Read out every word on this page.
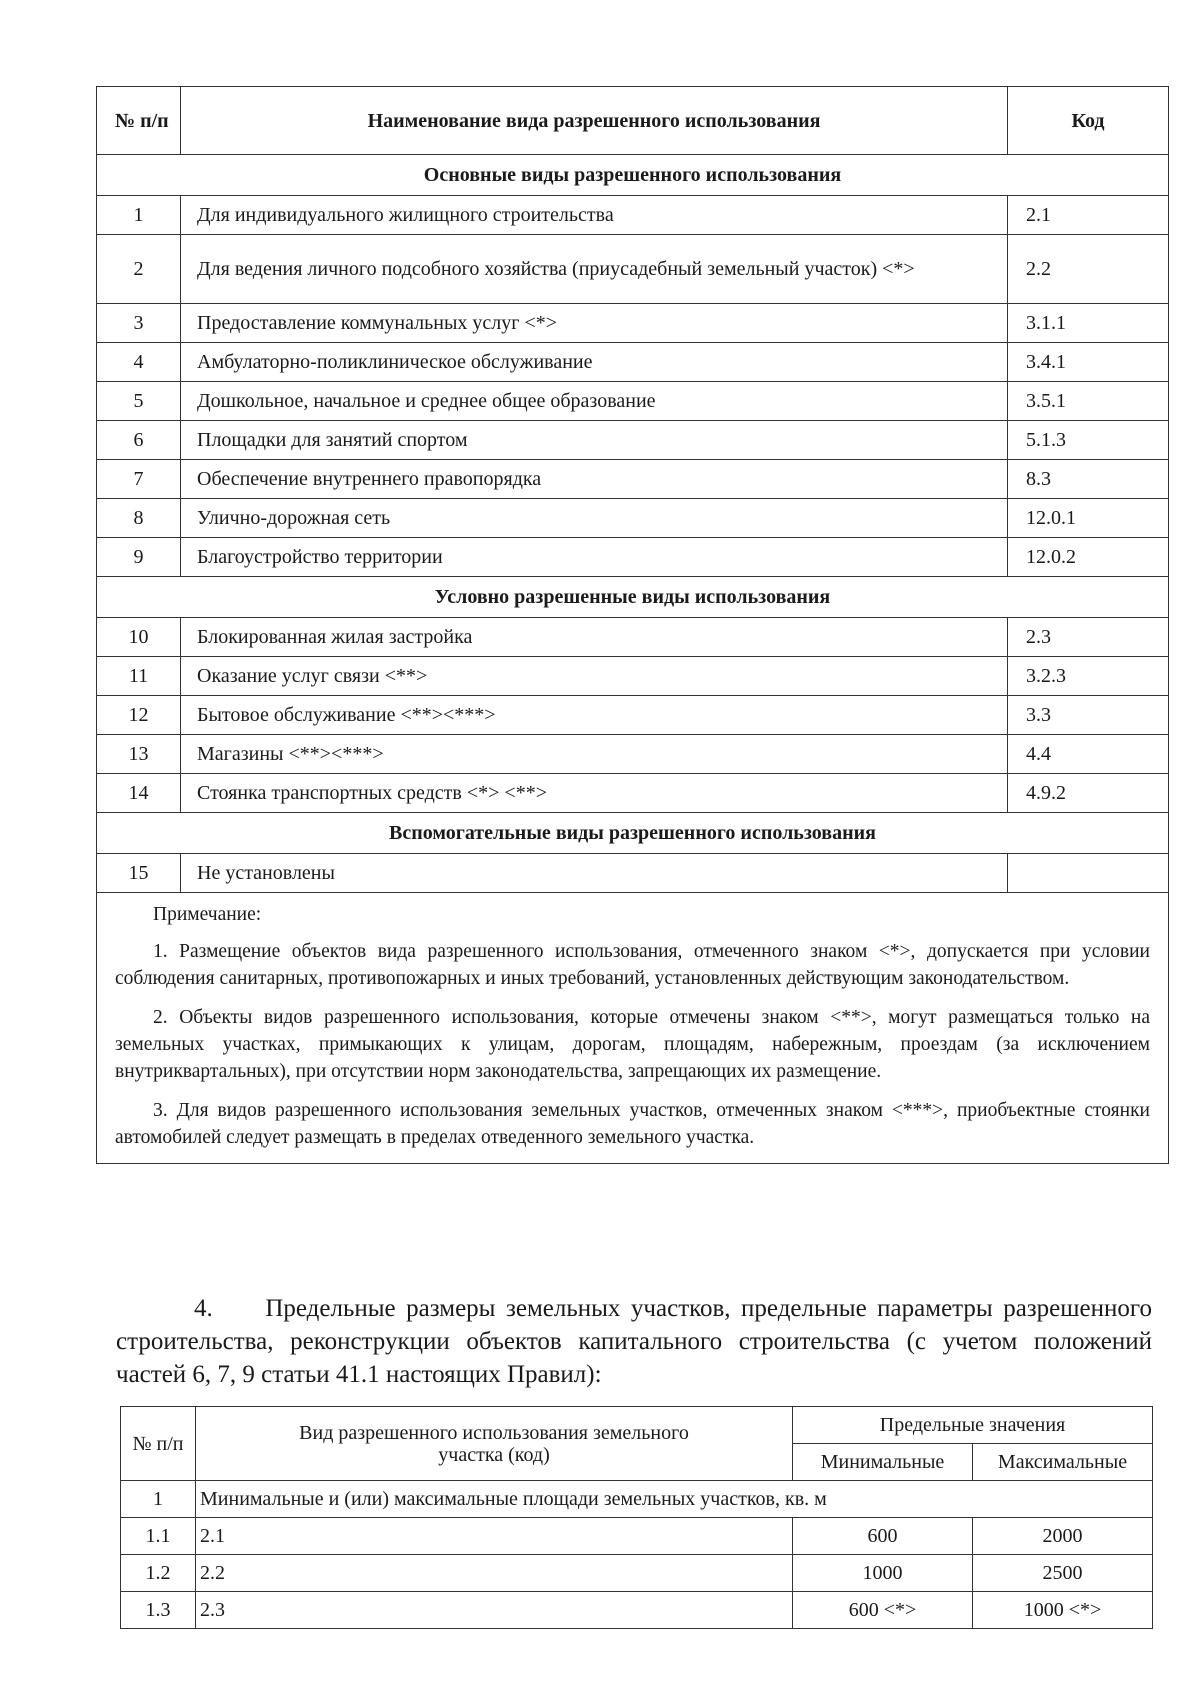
№ п/п	Наименование вида разрешенного использования	Код
Основные виды разрешенного использования		
1	Для индивидуального жилищного строительства	2.1
2	Для ведения личного подсобного хозяйства (приусадебный земельный участок) <*>	2.2
3	Предоставление коммунальных услуг <*>	3.1.1
4	Амбулаторно-поликлиническое обслуживание	3.4.1
5	Дошкольное, начальное и среднее общее образование	3.5.1
6	Площадки для занятий спортом	5.1.3
7	Обеспечение внутреннего правопорядка	8.3
8	Улично-дорожная сеть	12.0.1
9	Благоустройство территории	12.0.2
Условно разрешенные виды использования		
10	Блокированная жилая застройка	2.3
11	Оказание услуг связи <**>	3.2.3
12	Бытовое обслуживание <**><***>	3.3
13	Магазины <**><***>	4.4
14	Стоянка транспортных средств <*> <**>	4.9.2
Вспомогательные виды разрешенного использования		
15	Не установлены	

Примечание:

1. Размещение объектов вида разрешенного использования, отмеченного знаком <*>, допускается при условии соблюдения санитарных, противопожарных и иных требований, установленных действующим законодательством.

2. Объекты видов разрешенного использования, которые отмечены знаком <**>, могут размещаться только на земельных участках, примыкающих к улицам, дорогам, площадям, набережным, проездам (за исключением внутриквартальных), при отсутствии норм законодательства, запрещающих их размещение.

3. Для видов разрешенного использования земельных участков, отмеченных знаком <***>, приобъектные стоянки автомобилей следует размещать в пределах отведенного земельного участка.		

4. Предельные размеры земельных участков, предельные параметры разрешенного строительства, реконструкции объектов капитального строительства (с учетом положений частей 6, 7, 9 статьи 41.1 настоящих Правил):

№ п/п	Вид разрешенного использования земельного участка (код)	Предельные значения	
		Минимальные	Максимальные
1	Минимальные и (или) максимальные площади земельных участков, кв. м		
1.1	2.1	600	2000
1.2	2.2	1000	2500
1.3	2.3	600 <*>	1000 <*>
